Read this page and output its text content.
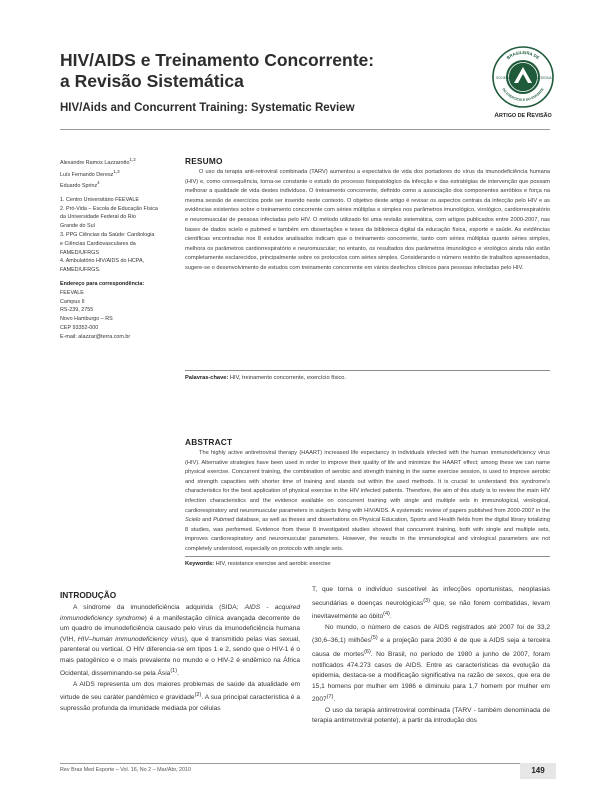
HIV/AIDS e Treinamento Concorrente:
a Revisão Sistemática
HIV/Aids and Concurrent Training: Systematic Review
BRASILEIRA DE
DO EXERCÍCIO E DO ESPORTE
SOCIEDADE	MEDICINA
ARTIGO DE REVISÃO
Alexandre Ramos Lazzarotto$^{1,2}$
Luís Fernando Deresz$^{1,3}$
Eduardo Sprinz$^4$
1. Centro Universitário FEEVALE
2. Pró-Vida – Escola de Educação Física
da Universidade Federal do Rio
Grande do Sul
3. PPG Ciências da Saúde: Cardiologia
e Ciências Cardiovasculares da
FAMED/UFRGS
4. Ambulatório HIV/AIDS do HCPA,
FAMED/UFRGS.
Endereço para correspondência:
FEEVALE
Campus II
RS-239, 2755
Novo Hamburgo – RS
CEP 93352-000
E-mail: alazzar@terra.com.br
RESUMO

O uso da terapia anti-retroviral combinada (TARV) aumentou a expectativa de vida dos portadores do vírus da imunodeficiência humana (HIV) e, como consequência, torna-se constante o estudo do processo fisiopatológico da infecção e das estratégias de intervenção que possam melhorar a qualidade de vida destes indivíduos. O treinamento concorrente, definido como a associação dos componentes aeróbios e força na mesma sessão de exercícios pode ser inserido neste contexto. O objetivo deste artigo é revisar os aspectos centrais da infecção pelo HIV e as evidências existentes sobre o treinamento concorrente com séries múltiplas e simples nos parâmetros imunológico, virológico, cardiorrespiratório e neuromuscular de pessoas infectadas pelo HIV. O método utilizado foi uma revisão sistemática, com artigos publicados entre 2000-2007, nas bases de dados scielo e pubmed e também em dissertações e teses da biblioteca digital da educação física, esporte e saúde. As evidências científicas encontradas nos 8 estudos analisados indicam que o treinamento concorrente, tanto com séries múltiplas quanto séries simples, melhora os parâmetros cardiorrespiratório e neuromuscular; no entanto, os resultados dos parâmetros imunológico e virológico ainda não estão completamente esclarecidos, principalmente sobre os protocolos com séries simples. Considerando o número restrito de trabalhos apresentados, sugere-se o desenvolvimento de estudos com treinamento concorrente em vários desfechos clínicos para pessoas infectadas pelo HIV.

Palavras-chave: HIV, treinamento concorrente, exercício físico.
ABSTRACT

The highly active antiretroviral therapy (HAART) increased life expectancy in individuals infected with the human immunodeficiency virus (HIV). Alternative strategies have been used in order to improve their quality of life and minimize the HAART effect; among these we can name physical exercise. Concurrent training, the combination of aerobic and strength training in the same exercise session, is used to improve aerobic and strength capacities with shorter time of training and stands out within the used methods. It is crucial to understand this syndrome's characteristics for the best application of physical exercise in the HIV infected patients. Therefore, the aim of this study is to review the main HIV infection characteristics and the evidence available on concurrent training with single and multiple sets in immunological, virological, cardiorespiratory and neuromuscular parameters in subjects living with HIV/AIDS. A systematic review of papers published from 2000-2007 in the Scielo and Pubmed database, as well as theses and dissertations on Physical Education, Sports and Health fields from the digital library totalizing 8 studies, was performed. Evidence from these 8 investigated studies showed that concurrent training, both with single and multiple sets, improves cardiorespiratory and neuromuscular parameters. However, the results in the immunological and virological parameters are not completely understood, especially on protocols with single sets.

Keywords: HIV, resistance exercise and aerobic exercise
INTRODUÇÃO

A síndrome da imunodeficiência adquirida (SIDA; AIDS - acquired immunodeficiency syndrome) é a manifestação clínica avançada decorrente de um quadro de imunodeficiência causado pelo vírus da imunodeficiência humana (VIH, HIV–human immunodeficiency virus), que é transmitido pelas vias sexual, parenteral ou vertical. O HIV diferencia-se em tipos 1 e 2, sendo que o HIV-1 é o mais patogênico e o mais prevalente no mundo e o HIV-2 é endêmico na África Ocidental, disseminando-se pela Ásia$^{(1)}$.

A AIDS representa um dos maiores problemas de saúde da atualidade em virtude de seu caráter pandêmico e gravidade$^{(2)}$. A sua principal característica é a supressão profunda da imunidade mediada por células

T, que torna o indivíduo suscetível às infecções oportunistas, neoplasias secundárias e doenças neurológicas$^{(3)}$ que, se não forem combatidas, levam inevitavelmente ao óbito$^{(4)}$.

No mundo, o número de casos de AIDS registrados até 2007 foi de 33,2 (30,6–36,1) milhões$^{(5)}$ e a projeção para 2030 é de que a AIDS seja a terceira causa de mortes$^{(6)}$. No Brasil, no período de 1980 a junho de 2007, foram notificados 474.273 casos de AIDS. Entre as características da evolução da epidemia, destaca-se a modificação significativa na razão de sexos, que era de 15,1 homens por mulher em 1986 e diminuiu para 1,7 homem por mulher em 2007$^{(7)}$.

O uso da terapia antirretroviral combinada (TARV - também denominada de terapia antirretroviral potente), a partir da introdução dos

Rev Bras Med Esporte – Vol. 16, No 2 – Mar/Abr, 2010	149
